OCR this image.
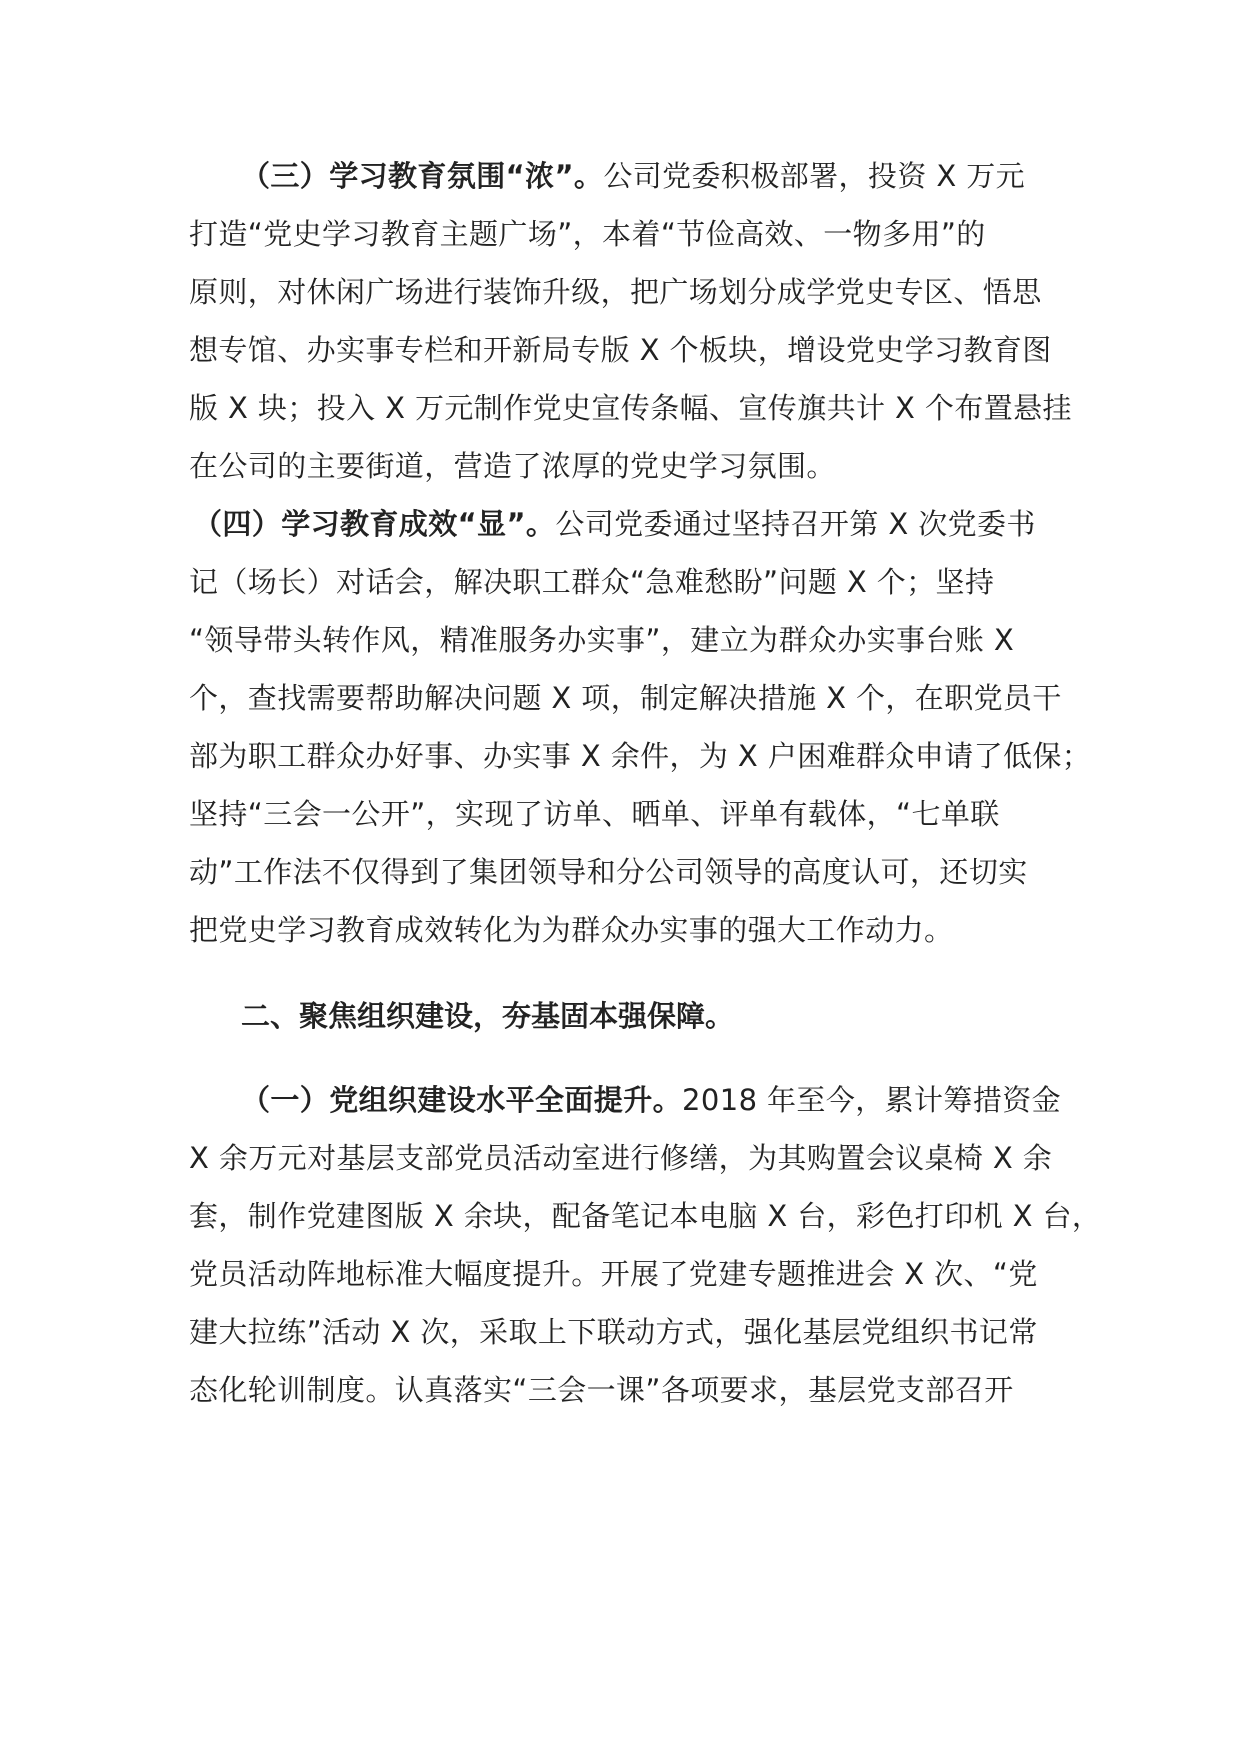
（三）学习教育氛围“浓”。公司党委积极部署，投资 X 万元
打造“党史学习教育主题广场”，本着“节俭高效、一物多用”的
原则，对休闲广场进行装饰升级，把广场划分成学党史专区、悟思
想专馆、办实事专栏和开新局专版 X 个板块，增设党史学习教育图
版 X 块；投入 X 万元制作党史宣传条幅、宣传旗共计 X 个布置悬挂
在公司的主要街道，营造了浓厚的党史学习氛围。
（四）学习教育成效“显”。公司党委通过坚持召开第 X 次党委书
记（场长）对话会，解决职工群众“急难愁盼”问题 X 个；坚持
“领导带头转作风，精准服务办实事”，建立为群众办实事台账 X
个，查找需要帮助解决问题 X 项，制定解决措施 X 个，在职党员干
部为职工群众办好事、办实事 X 余件，为 X 户困难群众申请了低保；
坚持“三会一公开”，实现了访单、晒单、评单有载体，“七单联
动”工作法不仅得到了集团领导和分公司领导的高度认可，还切实
把党史学习教育成效转化为为群众办实事的强大工作动力。
二、聚焦组织建设，夯基固本强保障。
（一）党组织建设水平全面提升。2018 年至今，累计筹措资金
X 余万元对基层支部党员活动室进行修缮，为其购置会议桌椅 X 余
套，制作党建图版 X 余块，配备笔记本电脑 X 台，彩色打印机 X 台，
党员活动阵地标准大幅度提升。开展了党建专题推进会 X 次、“党
建大拉练”活动 X 次，采取上下联动方式，强化基层党组织书记常
态化轮训制度。认真落实“三会一课”各项要求，基层党支部召开
